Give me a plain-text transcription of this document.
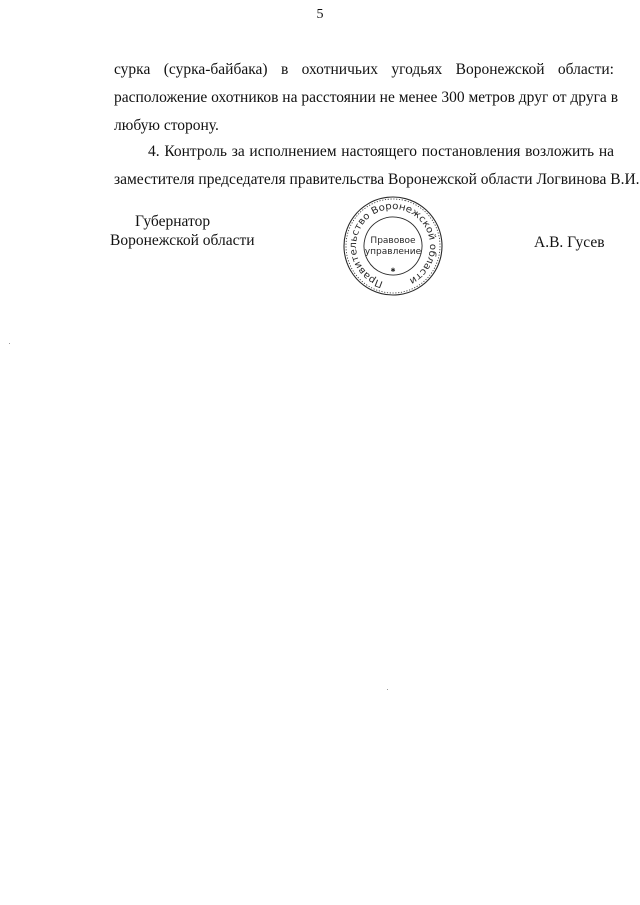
5
сурка (сурка-байбака) в охотничьих угодьях Воронежской области:
расположение охотников на расстоянии не менее 300 метров друг от друга в
любую сторону.
4. Контроль за исполнением настоящего постановления возложить на
заместителя председателя правительства Воронежской области Логвинова В.И.
Губернатор
Воронежской области
Правительство Воронежской области
Правовое
управление
✱
А.В. Гусев
